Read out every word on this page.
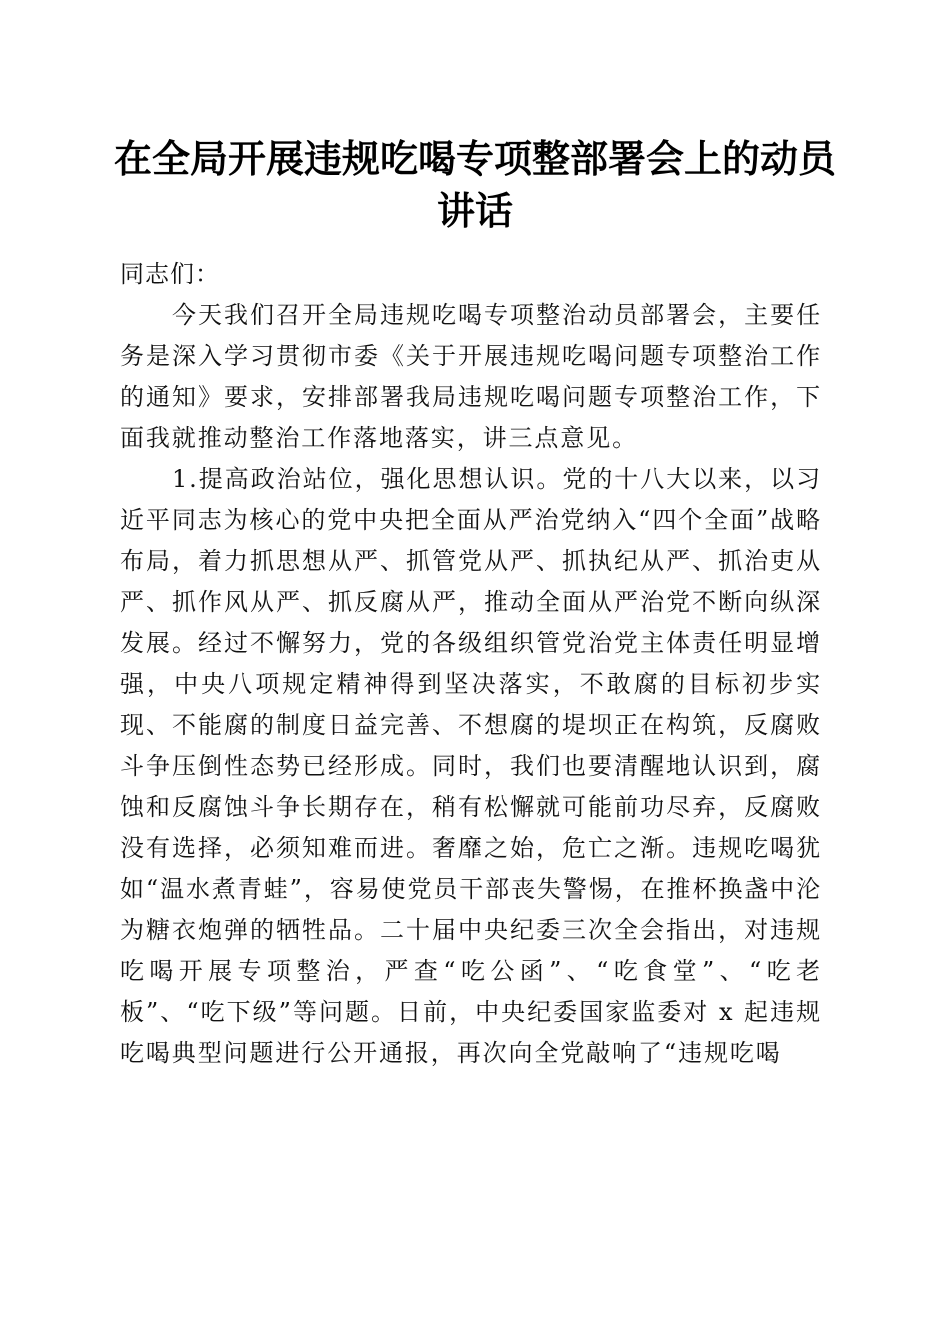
在全局开展违规吃喝专项整部署会上的动员讲话

同志们：

今天我们召开全局违规吃喝专项整治动员部署会，主要任务是深入学习贯彻市委《关于开展违规吃喝问题专项整治工作的通知》要求，安排部署我局违规吃喝问题专项整治工作，下面我就推动整治工作落地落实，讲三点意见。

1.提高政治站位，强化思想认识。党的十八大以来，以习近平同志为核心的党中央把全面从严治党纳入“四个全面”战略布局，着力抓思想从严、抓管党从严、抓执纪从严、抓治吏从严、抓作风从严、抓反腐从严，推动全面从严治党不断向纵深发展。经过不懈努力，党的各级组织管党治党主体责任明显增强，中央八项规定精神得到坚决落实，不敢腐的目标初步实现、不能腐的制度日益完善、不想腐的堤坝正在构筑，反腐败斗争压倒性态势已经形成。同时，我们也要清醒地认识到，腐蚀和反腐蚀斗争长期存在，稍有松懈就可能前功尽弃，反腐败没有选择，必须知难而进。奢靡之始，危亡之渐。违规吃喝犹如“温水煮青蛙”，容易使党员干部丧失警惕，在推杯换盏中沦为糖衣炮弹的牺牲品。二十届中央纪委三次全会指出，对违规吃喝开展专项整治，严查“吃公函”、“吃食堂”、“吃老板”、“吃下级”等问题。日前，中央纪委国家监委对 x 起违规吃喝典型问题进行公开通报，再次向全党敲响了“违规吃喝
